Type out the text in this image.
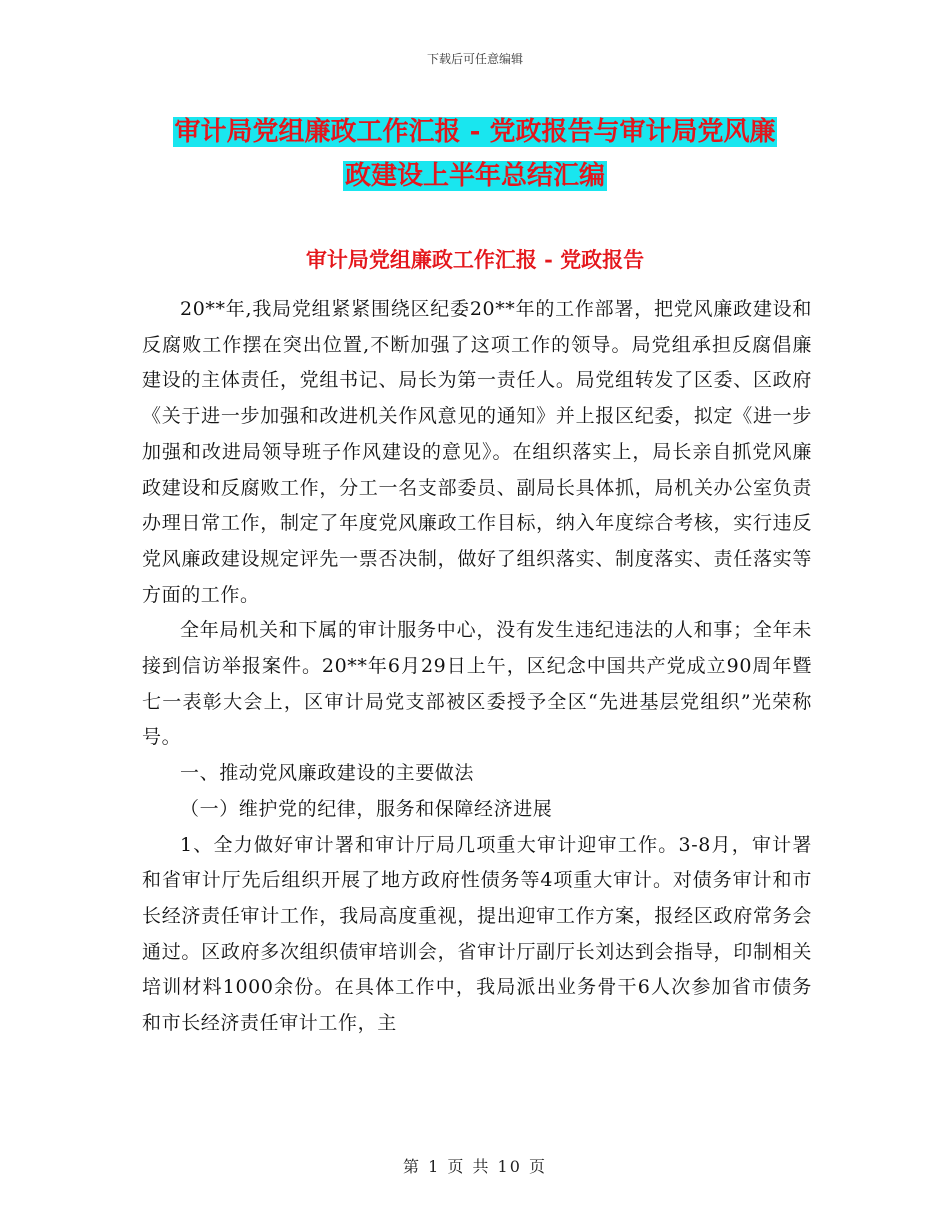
下载后可任意编辑
审计局党组廉政工作汇报 - 党政报告与审计局党风廉
政建设上半年总结汇编
审计局党组廉政工作汇报 - 党政报告

20**年,我局党组紧紧围绕区纪委20**年的工作部署，把党风廉政建设和反腐败工作摆在突出位置,不断加强了这项工作的领导。局党组承担反腐倡廉建设的主体责任，党组书记、局长为第一责任人。局党组转发了区委、区政府《关于进一步加强和改进机关作风意见的通知》并上报区纪委，拟定《进一步加强和改进局领导班子作风建设的意见》。在组织落实上，局长亲自抓党风廉政建设和反腐败工作，分工一名支部委员、副局长具体抓，局机关办公室负责办理日常工作，制定了年度党风廉政工作目标，纳入年度综合考核，实行违反党风廉政建设规定评先一票否决制，做好了组织落实、制度落实、责任落实等方面的工作。

全年局机关和下属的审计服务中心，没有发生违纪违法的人和事；全年未接到信访举报案件。20**年6月29日上午，区纪念中国共产党成立90周年暨七一表彰大会上，区审计局党支部被区委授予全区“先进基层党组织”光荣称号。

一、推动党风廉政建设的主要做法

（一）维护党的纪律，服务和保障经济进展

1、全力做好审计署和审计厅局几项重大审计迎审工作。3-8月，审计署和省审计厅先后组织开展了地方政府性债务等4项重大审计。对债务审计和市长经济责任审计工作，我局高度重视，提出迎审工作方案，报经区政府常务会通过。区政府多次组织债审培训会，省审计厅副厅长刘达到会指导，印制相关培训材料1000余份。在具体工作中，我局派出业务骨干6人次参加省市债务和市长经济责任审计工作，主

第 1 页 共 10 页
